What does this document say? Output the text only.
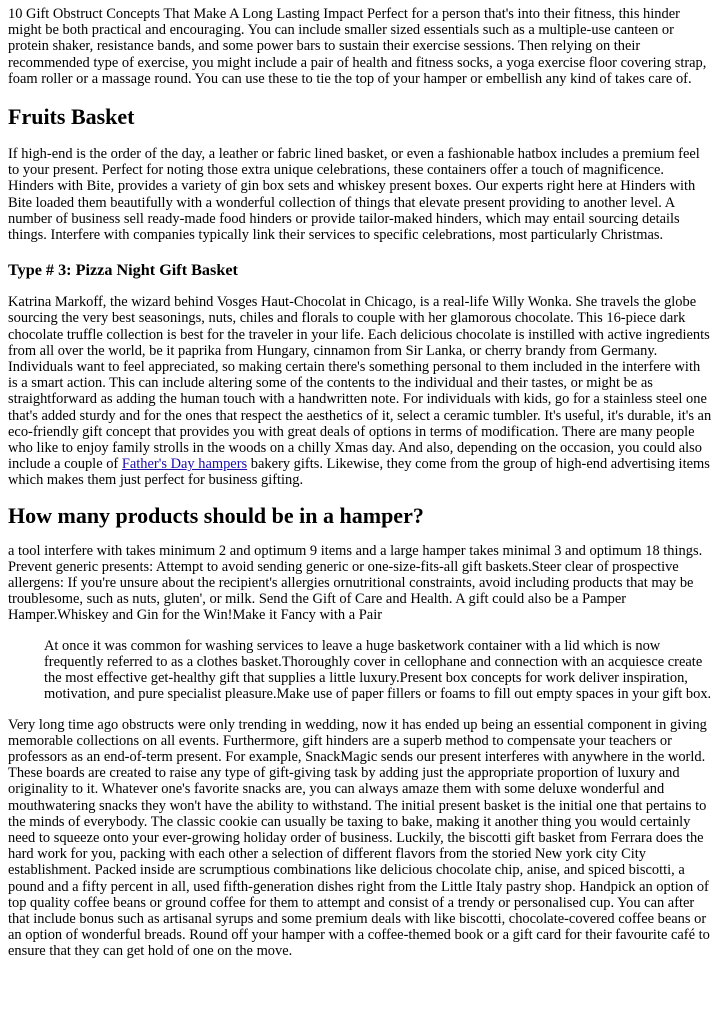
10 Gift Obstruct Concepts That Make A Long Lasting Impact Perfect for a person that's into their fitness, this hinder might be both practical and encouraging. You can include smaller sized essentials such as a multiple-use canteen or protein shaker, resistance bands, and some power bars to sustain their exercise sessions. Then relying on their recommended type of exercise, you might include a pair of health and fitness socks, a yoga exercise floor covering strap, foam roller or a massage round. You can use these to tie the top of your hamper or embellish any kind of takes care of.

Fruits Basket

If high-end is the order of the day, a leather or fabric lined basket, or even a fashionable hatbox includes a premium feel to your present. Perfect for noting those extra unique celebrations, these containers offer a touch of magnificence. Hinders with Bite, provides a variety of gin box sets and whiskey present boxes. Our experts right here at Hinders with Bite loaded them beautifully with a wonderful collection of things that elevate present providing to another level. A number of business sell ready-made food hinders or provide tailor-maked hinders, which may entail sourcing details things. Interfere with companies typically link their services to specific celebrations, most particularly Christmas.

Type # 3: Pizza Night Gift Basket

Katrina Markoff, the wizard behind Vosges Haut-Chocolat in Chicago, is a real-life Willy Wonka. She travels the globe sourcing the very best seasonings, nuts, chiles and florals to couple with her glamorous chocolate. This 16-piece dark chocolate truffle collection is best for the traveler in your life. Each delicious chocolate is instilled with active ingredients from all over the world, be it paprika from Hungary, cinnamon from Sir Lanka, or cherry brandy from Germany. Individuals want to feel appreciated, so making certain there's something personal to them included in the interfere with is a smart action. This can include altering some of the contents to the individual and their tastes, or might be as straightforward as adding the human touch with a handwritten note. For individuals with kids, go for a stainless steel one that's added sturdy and for the ones that respect the aesthetics of it, select a ceramic tumbler. It's useful, it's durable, it's an eco-friendly gift concept that provides you with great deals of options in terms of modification. There are many people who like to enjoy family strolls in the woods on a chilly Xmas day. And also, depending on the occasion, you could also include a couple of Father's Day hampers bakery gifts. Likewise, they come from the group of high-end advertising items which makes them just perfect for business gifting.

How many products should be in a hamper?

a tool interfere with takes minimum 2 and optimum 9 items and a large hamper takes minimal 3 and optimum 18 things. Prevent generic presents: Attempt to avoid sending generic or one-size-fits-all gift baskets.Steer clear of prospective allergens: If you're unsure about the recipient's allergies ornutritional constraints, avoid including products that may be troublesome, such as nuts, gluten', or milk. Send the Gift of Care and Health. A gift could also be a Pamper Hamper.Whiskey and Gin for the Win!Make it Fancy with a Pair

At once it was common for washing services to leave a huge basketwork container with a lid which is now frequently referred to as a clothes basket.Thoroughly cover in cellophane and connection with an acquiesce create the most effective get-healthy gift that supplies a little luxury.Present box concepts for work deliver inspiration, motivation, and pure specialist pleasure.Make use of paper fillers or foams to fill out empty spaces in your gift box.

Very long time ago obstructs were only trending in wedding, now it has ended up being an essential component in giving memorable collections on all events. Furthermore, gift hinders are a superb method to compensate your teachers or professors as an end-of-term present. For example, SnackMagic sends our present interferes with anywhere in the world. These boards are created to raise any type of gift-giving task by adding just the appropriate proportion of luxury and originality to it. Whatever one's favorite snacks are, you can always amaze them with some deluxe wonderful and mouthwatering snacks they won't have the ability to withstand. The initial present basket is the initial one that pertains to the minds of everybody. The classic cookie can usually be taxing to bake, making it another thing you would certainly need to squeeze onto your ever-growing holiday order of business. Luckily, the biscotti gift basket from Ferrara does the hard work for you, packing with each other a selection of different flavors from the storied New york city City establishment. Packed inside are scrumptious combinations like delicious chocolate chip, anise, and spiced biscotti, a pound and a fifty percent in all, used fifth-generation dishes right from the Little Italy pastry shop. Handpick an option of top quality coffee beans or ground coffee for them to attempt and consist of a trendy or personalised cup. You can after that include bonus such as artisanal syrups and some premium deals with like biscotti, chocolate-covered coffee beans or an option of wonderful breads. Round off your hamper with a coffee-themed book or a gift card for their favourite café to ensure that they can get hold of one on the move.
